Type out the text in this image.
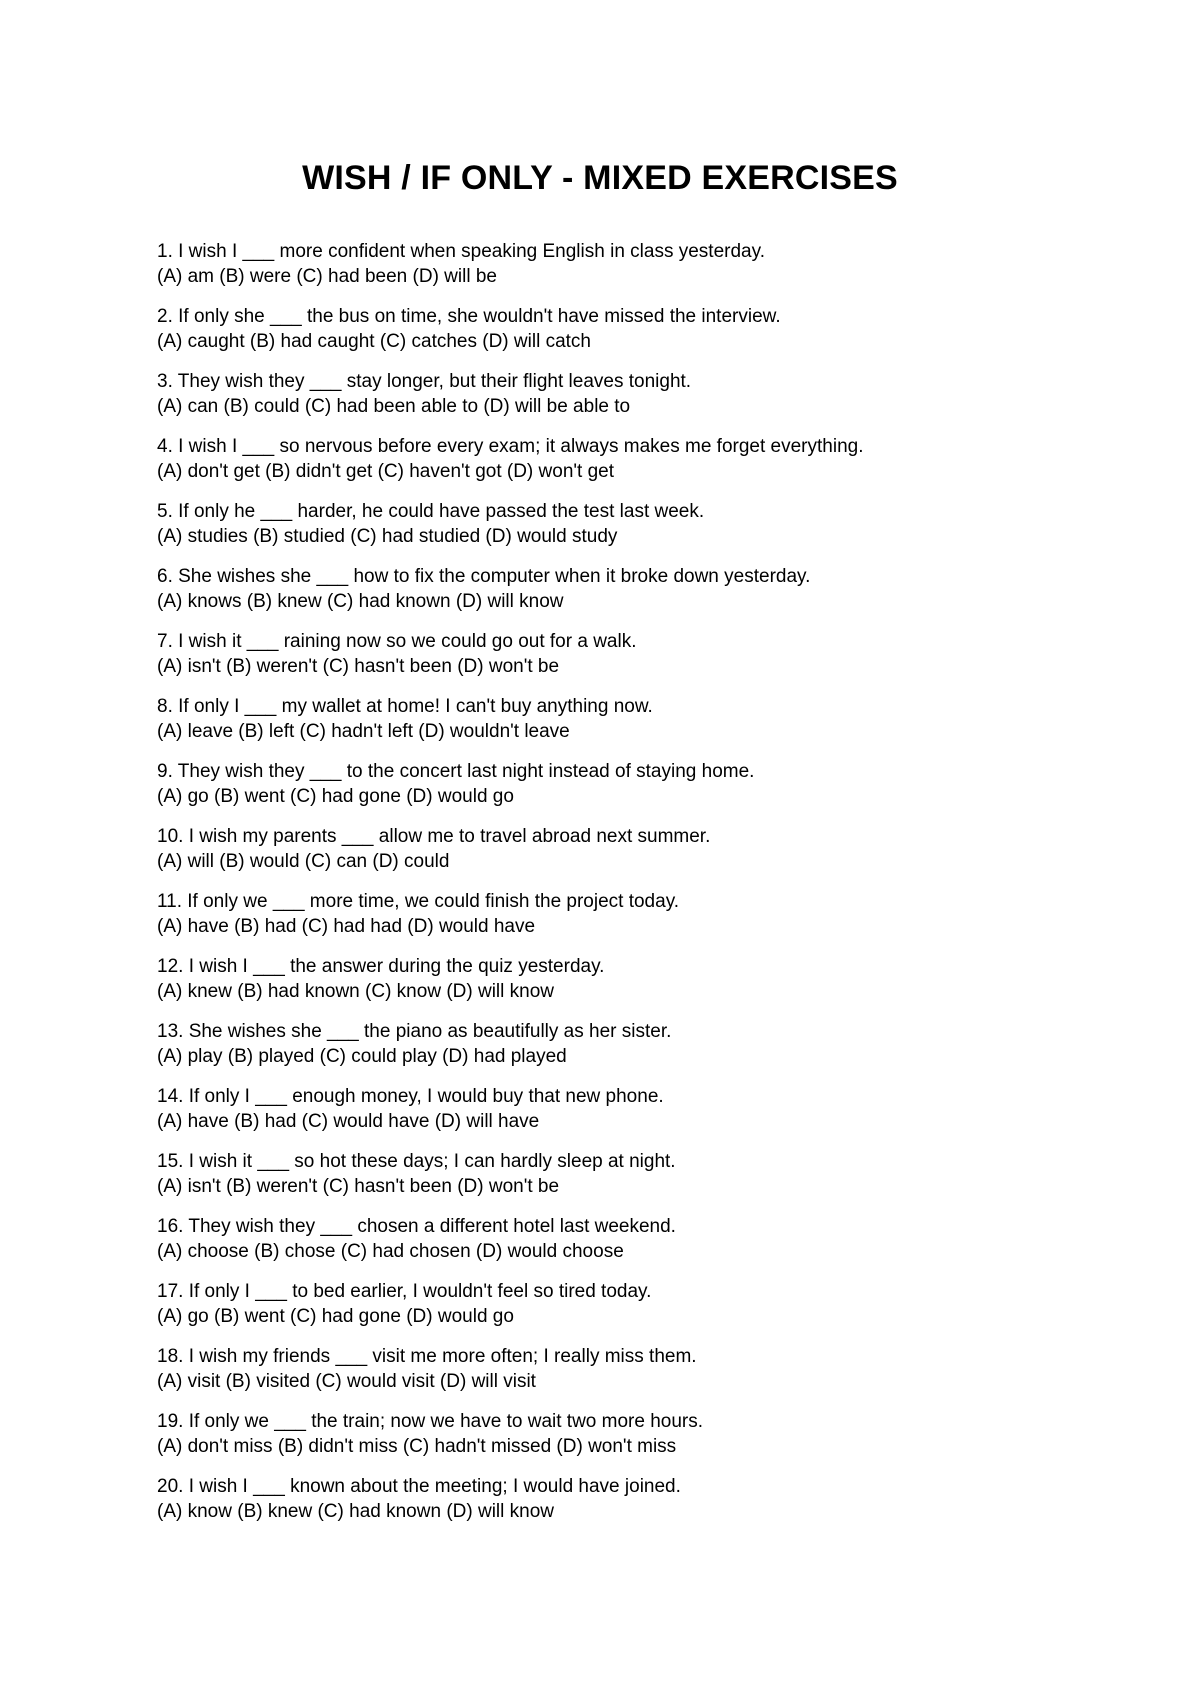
WISH / IF ONLY - MIXED EXERCISES
1. I wish I ___ more confident when speaking English in class yesterday.
(A) am (B) were (C) had been (D) will be
2. If only she ___ the bus on time, she wouldn't have missed the interview.
(A) caught (B) had caught (C) catches (D) will catch
3. They wish they ___ stay longer, but their flight leaves tonight.
(A) can (B) could (C) had been able to (D) will be able to
4. I wish I ___ so nervous before every exam; it always makes me forget everything.
(A) don't get (B) didn't get (C) haven't got (D) won't get
5. If only he ___ harder, he could have passed the test last week.
(A) studies (B) studied (C) had studied (D) would study
6. She wishes she ___ how to fix the computer when it broke down yesterday.
(A) knows (B) knew (C) had known (D) will know
7. I wish it ___ raining now so we could go out for a walk.
(A) isn't (B) weren't (C) hasn't been (D) won't be
8. If only I ___ my wallet at home! I can't buy anything now.
(A) leave (B) left (C) hadn't left (D) wouldn't leave
9. They wish they ___ to the concert last night instead of staying home.
(A) go (B) went (C) had gone (D) would go
10. I wish my parents ___ allow me to travel abroad next summer.
(A) will (B) would (C) can (D) could
11. If only we ___ more time, we could finish the project today.
(A) have (B) had (C) had had (D) would have
12. I wish I ___ the answer during the quiz yesterday.
(A) knew (B) had known (C) know (D) will know
13. She wishes she ___ the piano as beautifully as her sister.
(A) play (B) played (C) could play (D) had played
14. If only I ___ enough money, I would buy that new phone.
(A) have (B) had (C) would have (D) will have
15. I wish it ___ so hot these days; I can hardly sleep at night.
(A) isn't (B) weren't (C) hasn't been (D) won't be
16. They wish they ___ chosen a different hotel last weekend.
(A) choose (B) chose (C) had chosen (D) would choose
17. If only I ___ to bed earlier, I wouldn't feel so tired today.
(A) go (B) went (C) had gone (D) would go
18. I wish my friends ___ visit me more often; I really miss them.
(A) visit (B) visited (C) would visit (D) will visit
19. If only we ___ the train; now we have to wait two more hours.
(A) don't miss (B) didn't miss (C) hadn't missed (D) won't miss
20. I wish I ___ known about the meeting; I would have joined.
(A) know (B) knew (C) had known (D) will know
